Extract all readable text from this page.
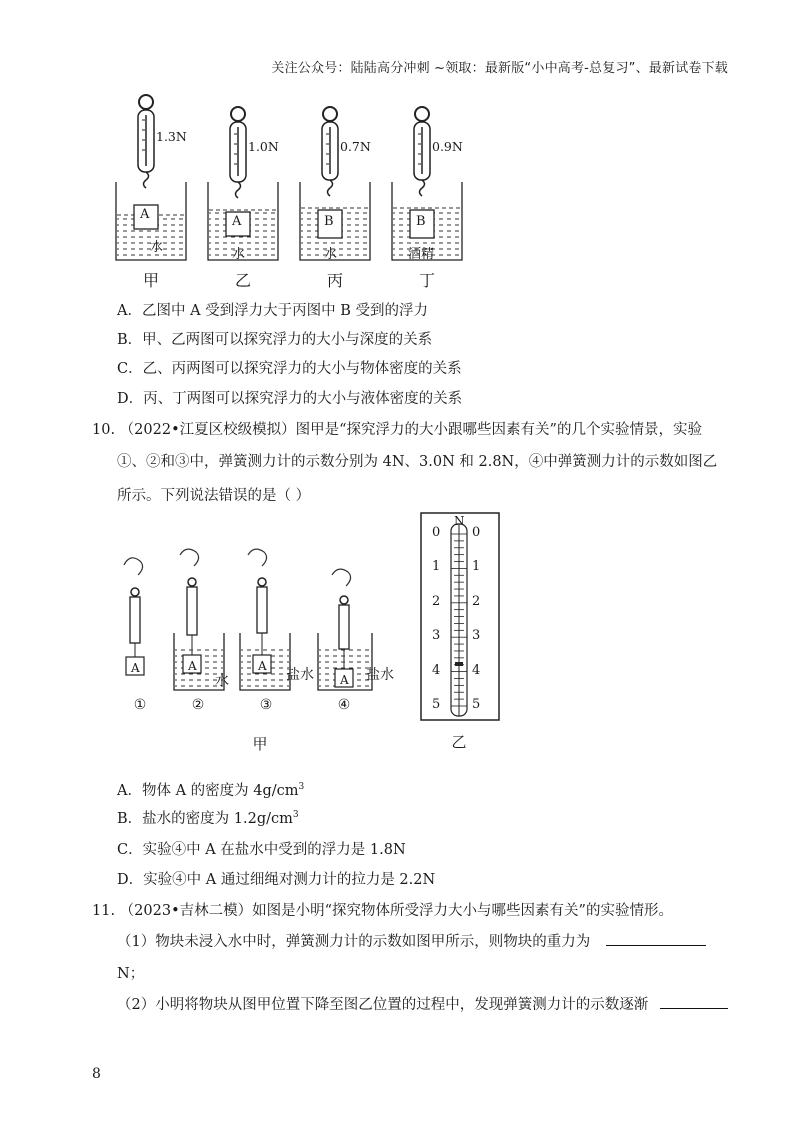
关注公众号：陆陆高分冲刺 ~领取：最新版“小中高考-总复习”、最新试卷下载
1.3N
1.0N	0.7N	0.9N
A	A	B	B
水	水	水	酒精
甲	乙	丙	丁
A．乙图中 A 受到浮力大于丙图中 B 受到的浮力
B．甲、乙两图可以探究浮力的大小与深度的关系
C．乙、丙两图可以探究浮力的大小与物体密度的关系
D．丙、丁两图可以探究浮力的大小与液体密度的关系
10. （2022•江夏区校级模拟）图甲是“探究浮力的大小跟哪些因素有关”的几个实验情景，实验
①、②和③中，弹簧测力计的示数分别为 4N、3.0N 和 2.8N，④中弹簧测力计的示数如图乙
所示。下列说法错误的是（ ）
A	A	A
A
水	盐水	盐水
①	②	③	④
甲
N
0 0
1 1
2 2
3 3
4 4
5 5
乙
A．物体 A 的密度为 $4g/cm^3$
B．盐水的密度为 $1.2g/cm^3$
C．实验④中 A 在盐水中受到的浮力是 1.8N
D．实验④中 A 通过细绳对测力计的拉力是 2.2N
11. （2023•吉林二模）如图是小明“探究物体所受浮力大小与哪些因素有关”的实验情形。
（1）物块未浸入水中时，弹簧测力计的示数如图甲所示，则物块的重力为
N；
（2）小明将物块从图甲位置下降至图乙位置的过程中，发现弹簧测力计的示数逐渐
8
